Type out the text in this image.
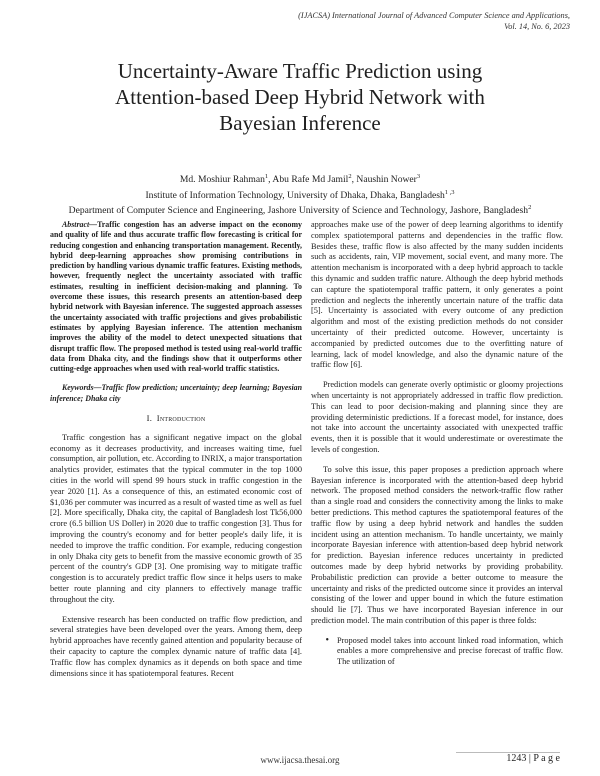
(IJACSA) International Journal of Advanced Computer Science and Applications,
Vol. 14, No. 6, 2023
Uncertainty-Aware Traffic Prediction using
Attention-based Deep Hybrid Network with
Bayesian Inference
Md. Moshiur Rahman$^1$, Abu Rafe Md Jamil$^2$, Naushin Nower$^3$
Institute of Information Technology, University of Dhaka, Dhaka, Bangladesh$^{1 ,3}$
Department of Computer Science and Engineering, Jashore University of Science and Technology, Jashore, Bangladesh$^2$

Abstract—Traffic congestion has an adverse impact on the economy and quality of life and thus accurate traffic flow forecasting is critical for reducing congestion and enhancing transportation management. Recently, hybrid deep-learning approaches show promising contributions in prediction by handling various dynamic traffic features. Existing methods, however, frequently neglect the uncertainty associated with traffic estimates, resulting in inefficient decision-making and planning. To overcome these issues, this research presents an attention-based deep hybrid network with Bayesian inference. The suggested approach assesses the uncertainty associated with traffic projections and gives probabilistic estimates by applying Bayesian inference. The attention mechanism improves the ability of the model to detect unexpected situations that disrupt traffic flow. The proposed method is tested using real-world traffic data from Dhaka city, and the findings show that it outperforms other cutting-edge approaches when used with real-world traffic statistics.

Keywords—Traffic flow prediction; uncertainty; deep learning; Bayesian inference; Dhaka city

I. Introduction

Traffic congestion has a significant negative impact on the global economy as it decreases productivity, and increases waiting time, fuel consumption, air pollution, etc. According to INRIX, a major transportation analytics provider, estimates that the typical commuter in the top 1000 cities in the world will spend 99 hours stuck in traffic congestion in the year 2020 [1]. As a consequence of this, an estimated economic cost of $1,036 per commuter was incurred as a result of wasted time as well as fuel [2]. More specifically, Dhaka city, the capital of Bangladesh lost Tk56,000 crore (6.5 billion US Doller) in 2020 due to traffic congestion [3]. Thus for improving the country's economy and for better people's daily life, it is needed to improve the traffic condition. For example, reducing congestion in only Dhaka city gets to benefit from the massive economic growth of 35 percent of the country's GDP [3]. One promising way to mitigate traffic congestion is to accurately predict traffic flow since it helps users to make better route planning and city planners to effectively manage traffic throughout the city.

Extensive research has been conducted on traffic flow prediction, and several strategies have been developed over the years. Among them, deep hybrid approaches have recently gained attention and popularity because of their capacity to capture the complex dynamic nature of traffic data [4]. Traffic flow has complex dynamics as it depends on both space and time dimensions since it has spatiotemporal features. Recent

approaches make use of the power of deep learning algorithms to identify complex spatiotemporal patterns and dependencies in the traffic flow. Besides these, traffic flow is also affected by the many sudden incidents such as accidents, rain, VIP movement, social event, and many more. The attention mechanism is incorporated with a deep hybrid approach to tackle this dynamic and sudden traffic nature. Although the deep hybrid methods can capture the spatiotemporal traffic pattern, it only generates a point prediction and neglects the inherently uncertain nature of the traffic data [5]. Uncertainty is associated with every outcome of any prediction algorithm and most of the existing prediction methods do not consider uncertainty of their predicted outcome. However, uncertainty is accompanied by predicted outcomes due to the overfitting nature of learning, lack of model knowledge, and also the dynamic nature of the traffic flow [6].

Prediction models can generate overly optimistic or gloomy projections when uncertainty is not appropriately addressed in traffic flow prediction. This can lead to poor decision-making and planning since they are providing deterministic predictions. If a forecast model, for instance, does not take into account the uncertainty associated with unexpected traffic events, then it is possible that it would underestimate or overestimate the levels of congestion.

To solve this issue, this paper proposes a prediction approach where Bayesian inference is incorporated with the attention-based deep hybrid network. The proposed method considers the network-traffic flow rather than a single road and considers the connectivity among the links to make better predictions. This method captures the spatiotemporal features of the traffic flow by using a deep hybrid network and handles the sudden incident using an attention mechanism. To handle uncertainty, we mainly incorporate Bayesian inference with attention-based deep hybrid network for prediction. Bayesian inference reduces uncertainty in predicted outcomes made by deep hybrid networks by providing probability. Probabilistic prediction can provide a better outcome to measure the uncertainty and risks of the predicted outcome since it provides an interval consisting of the lower and upper bound in which the future estimation should lie [7]. Thus we have incorporated Bayesian inference in our prediction model. The main contribution of this paper is three folds:

• Proposed model takes into account linked road information, which enables a more comprehensive and precise forecast of traffic flow. The utilization of
www.ijacsa.thesai.org	1243 | P a g e
